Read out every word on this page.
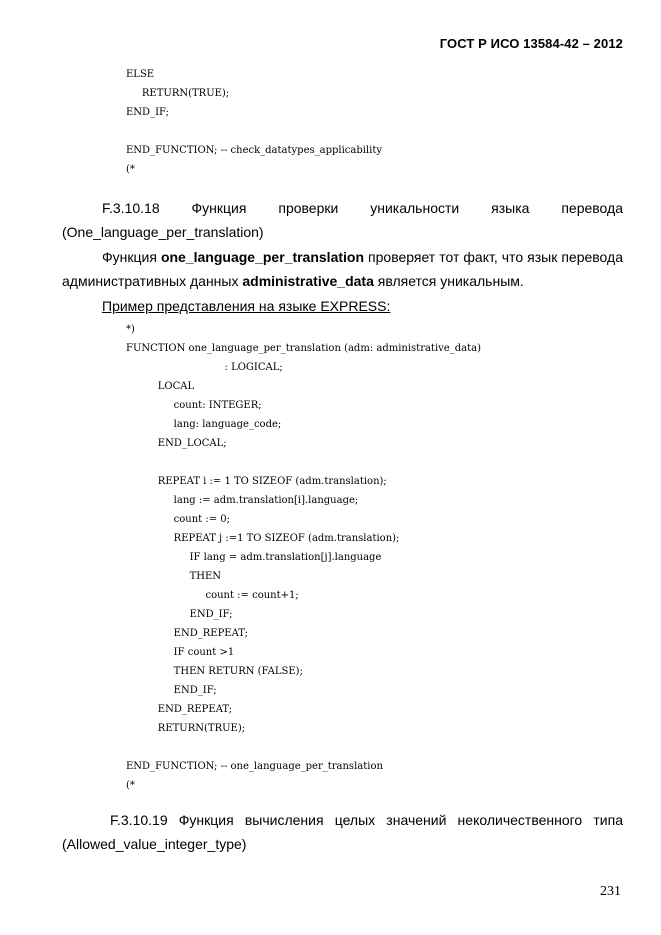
ГОСТ Р ИСО 13584-42 – 2012
ELSE
RETURN(TRUE);
END_IF;
END_FUNCTION; -- check_datatypes_applicability
(*
F.3.10.18 Функция проверки уникальности языка перевода
(One_language_per_translation)
Функция one_language_per_translation проверяет тот факт, что язык перевода административных данных administrative_data является уникальным.
Пример представления на языке EXPRESS:
*)
FUNCTION one_language_per_translation (adm: administrative_data)
: LOGICAL;
LOCAL
count: INTEGER;
lang: language_code;
END_LOCAL;
REPEAT i := 1 TO SIZEOF (adm.translation);
lang := adm.translation[i].language;
count := 0;
REPEAT j :=1 TO SIZEOF (adm.translation);
IF lang = adm.translation[j].language
THEN
count := count+1;
END_IF;
END_REPEAT;
IF count >1
THEN RETURN (FALSE);
END_IF;
END_REPEAT;
RETURN(TRUE);
END_FUNCTION; -- one_language_per_translation
(*
F.3.10.19 Функция вычисления целых значений неколичественного типа
(Allowed_value_integer_type)
231
